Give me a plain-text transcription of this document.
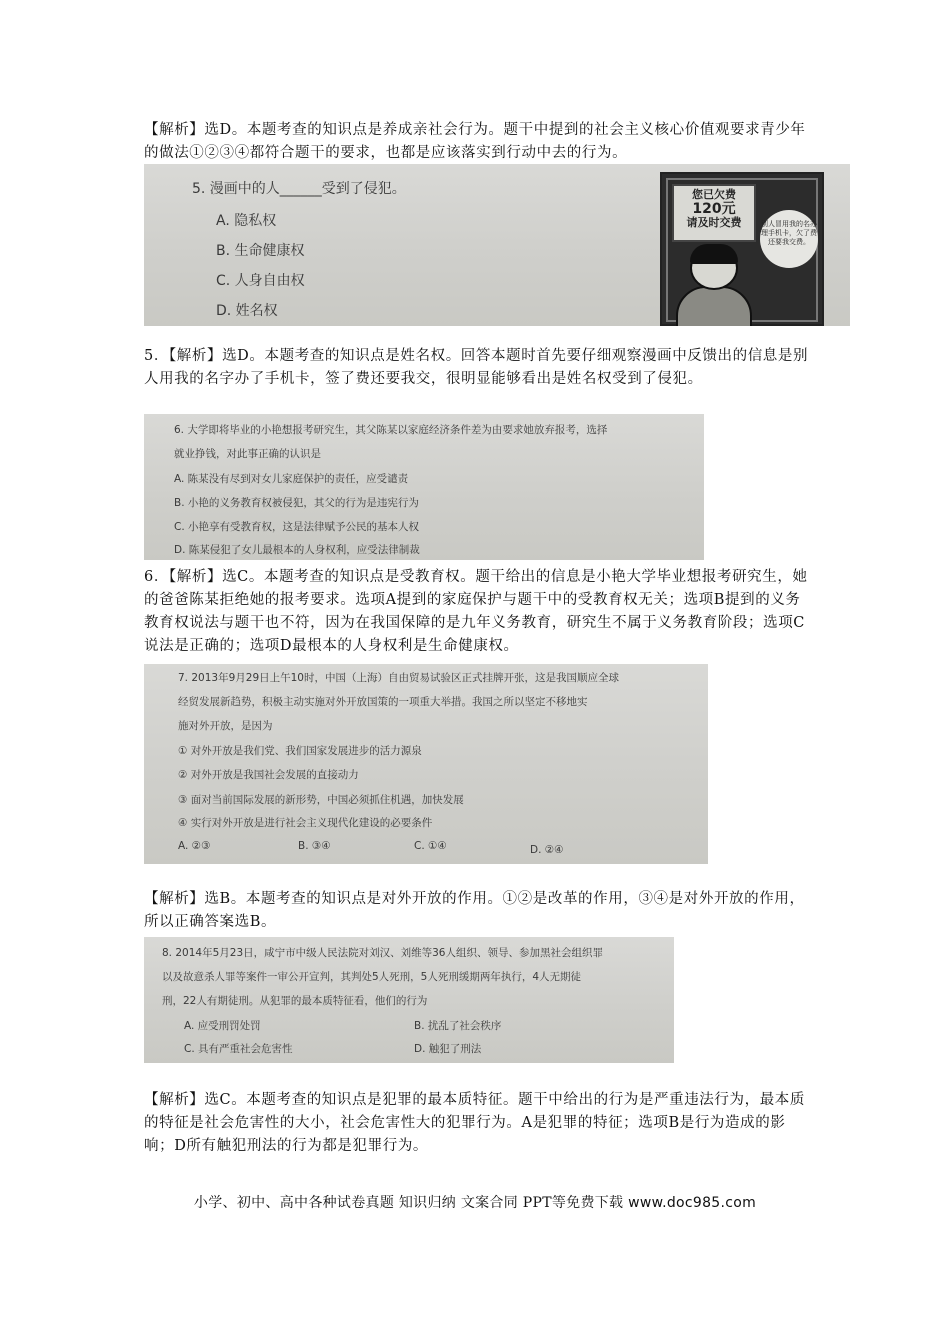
【解析】选D。本题考查的知识点是养成亲社会行为。题干中提到的社会主义核心价值观要求青少年的做法①②③④都符合题干的要求，也都是应该落实到行动中去的行为。

5. 漫画中的人______受到了侵犯。
A. 隐私权
B. 生命健康权
C. 人身自由权
D. 姓名权
您已欠费
120元
请及时交费	别人冒用我的名办理手机卡，欠了费还要我交费。

5．【解析】选D。本题考查的知识点是姓名权。回答本题时首先要仔细观察漫画中反馈出的信息是别人用我的名字办了手机卡，签了费还要我交，很明显能够看出是姓名权受到了侵犯。

6. 大学即将毕业的小艳想报考研究生，其父陈某以家庭经济条件差为由要求她放弃报考，选择
就业挣钱，对此事正确的认识是
A. 陈某没有尽到对女儿家庭保护的责任，应受谴责
B. 小艳的义务教育权被侵犯，其父的行为是违宪行为
C. 小艳享有受教育权，这是法律赋予公民的基本人权
D. 陈某侵犯了女儿最根本的人身权利，应受法律制裁

6．【解析】选C。本题考查的知识点是受教育权。题干给出的信息是小艳大学毕业想报考研究生，她的爸爸陈某拒绝她的报考要求。选项A提到的家庭保护与题干中的受教育权无关；选项B提到的义务教育权说法与题干也不符，因为在我国保障的是九年义务教育，研究生不属于义务教育阶段；选项C说法是正确的；选项D最根本的人身权利是生命健康权。

7. 2013年9月29日上午10时，中国（上海）自由贸易试验区正式挂牌开张，这是我国顺应全球
经贸发展新趋势，积极主动实施对外开放国策的一项重大举措。我国之所以坚定不移地实
施对外开放，是因为
① 对外开放是我们党、我们国家发展进步的活力源泉
② 对外开放是我国社会发展的直接动力
③ 面对当前国际发展的新形势，中国必须抓住机遇，加快发展
④ 实行对外开放是进行社会主义现代化建设的必要条件
A. ②③	B. ③④	C. ①④	D. ②④

【解析】选B。本题考查的知识点是对外开放的作用。①②是改革的作用，③④是对外开放的作用，所以正确答案选B。

8. 2014年5月23日，咸宁市中级人民法院对刘汉、刘维等36人组织、领导、参加黑社会组织罪
以及故意杀人罪等案件一审公开宣判，其判处5人死刑，5人死刑缓期两年执行，4人无期徒
刑，22人有期徒刑。从犯罪的最本质特征看，他们的行为
A. 应受刑罚处罚	B. 扰乱了社会秩序
C. 具有严重社会危害性	D. 触犯了刑法

【解析】选C。本题考查的知识点是犯罪的最本质特征。题干中给出的行为是严重违法行为，最本质的特征是社会危害性的大小，社会危害性大的犯罪行为。A是犯罪的特征；选项B是行为造成的影响；D所有触犯刑法的行为都是犯罪行为。

小学、初中、高中各种试卷真题 知识归纳 文案合同 PPT等免费下载 www.doc985.com
